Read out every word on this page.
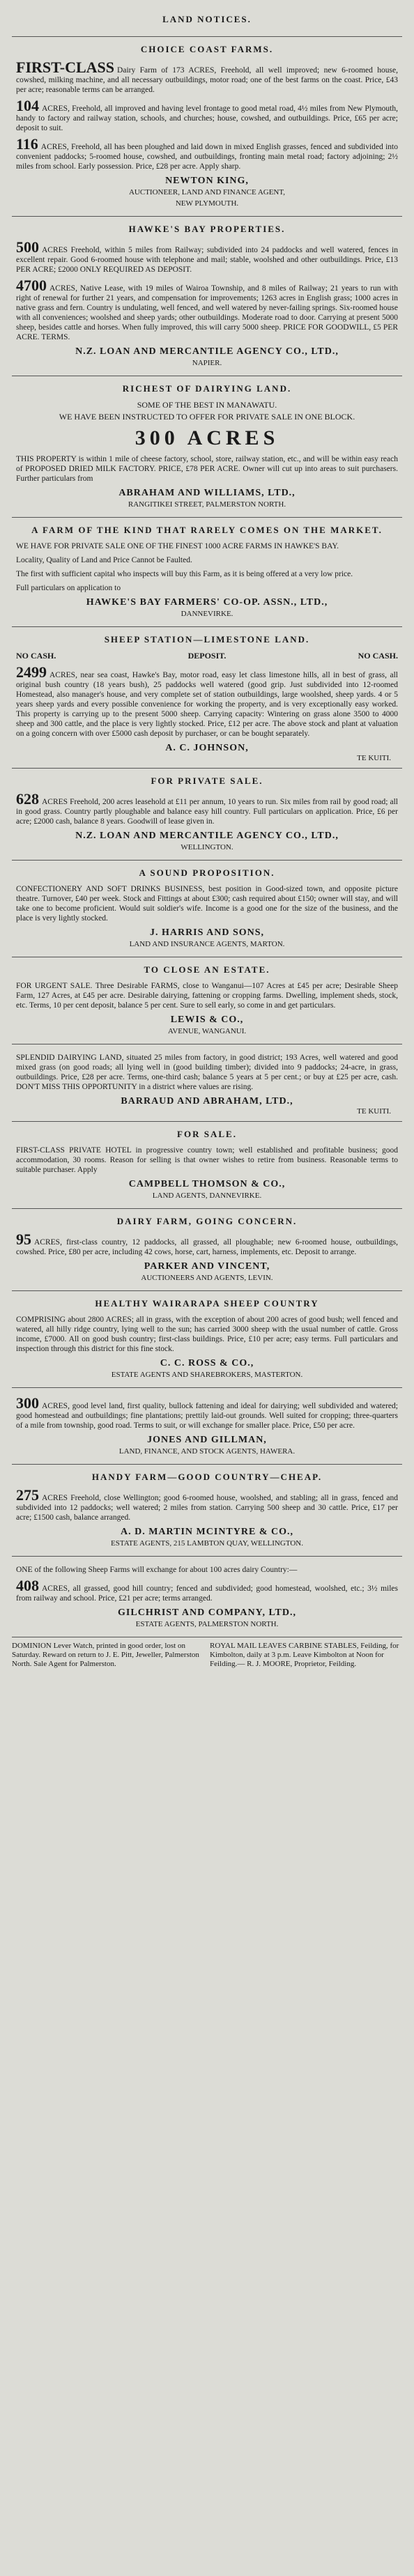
LAND NOTICES.
CHOICE COAST FARMS.
FIRST-CLASS Dairy Farm of 173 ACRES, Freehold, all well improved; new 6-roomed house, cowshed, milking machine, and all necessary outbuildings, motor road; one of the best farms on the coast. Price, £43 per acre; reasonable terms can be arranged.
104 ACRES, Freehold, all improved and having level frontage to good metal road, 4½ miles from New Plymouth, handy to factory and railway station, schools, and churches; house, cowshed, and outbuildings. Price, £65 per acre; deposit to suit.
116 ACRES, Freehold, all has been ploughed and laid down in mixed English grasses, fenced and subdivided into convenient paddocks; 5-roomed house, cowshed, and outbuildings, fronting main metal road; factory adjoining; 2½ miles from school. Early possession. Price, £28 per acre. Apply sharp.
NEWTON KING,
AUCTIONEER, LAND AND FINANCE AGENT,
NEW PLYMOUTH.
HAWKE'S BAY PROPERTIES.
500 ACRES Freehold, within 5 miles from Railway; subdivided into 24 paddocks and well watered, fences in excellent repair. Good 6-roomed house with telephone and mail; stable, woolshed and other outbuildings. Price, £13 PER ACRE; £2000 ONLY REQUIRED AS DEPOSIT.
4700 ACRES, Native Lease, with 19 miles of Wairoa Township, and 8 miles of Railway; 21 years to run with right of renewal for further 21 years, and compensation for improvements; 1263 acres in English grass; 1000 acres in native grass and fern. Country is undulating, well fenced, and well watered by never-failing springs. Six-roomed house with all conveniences; woolshed and sheep yards; other outbuildings. Moderate road to door. Carrying at present 5000 sheep, besides cattle and horses. When fully improved, this will carry 5000 sheep. PRICE FOR GOODWILL, £5 PER ACRE. TERMS.
N.Z. LOAN AND MERCANTILE AGENCY CO., LTD.,
NAPIER.
RICHEST OF DAIRYING LAND.
SOME OF THE BEST IN MANAWATU.
WE HAVE BEEN INSTRUCTED TO OFFER FOR PRIVATE SALE IN ONE BLOCK.
300 ACRES
THIS PROPERTY is within 1 mile of cheese factory, school, store, railway station, etc., and will be within easy reach of PROPOSED DRIED MILK FACTORY. PRICE, £78 PER ACRE. Owner will cut up into areas to suit purchasers. Further particulars from
ABRAHAM AND WILLIAMS, LTD.,
RANGITIKEI STREET, PALMERSTON NORTH.
A FARM OF THE KIND THAT RARELY COMES ON THE MARKET.
WE HAVE FOR PRIVATE SALE ONE OF THE FINEST 1000 ACRE FARMS IN HAWKE'S BAY.
Locality, Quality of Land and Price Cannot be Faulted.
The first with sufficient capital who inspects will buy this Farm, as it is being offered at a very low price.
Full particulars on application to
HAWKE'S BAY FARMERS' CO-OP. ASSN., LTD.,
DANNEVIRKE.
SHEEP STATION—LIMESTONE LAND.
NO CASH.	DEPOSIT.	NO CASH.
2499 ACRES, near sea coast, Hawke's Bay, motor road, easy let class limestone hills, all in best of grass, all original bush country (18 years bush), 25 paddocks well watered (good grip. Just subdivided into 12-roomed Homestead, also manager's house, and very complete set of station outbuildings, large woolshed, sheep yards. 4 or 5 years sheep yards and every possible convenience for working the property, and is very exceptionally easy worked. This property is carrying up to the present 5000 sheep. Carrying capacity: Wintering on grass alone 3500 to 4000 sheep and 300 cattle, and the place is very lightly stocked. Price, £12 per acre. The above stock and plant at valuation on a going concern with over £5000 cash deposit by purchaser, or can be bought separately.
A. C. JOHNSON,
TE KUITI.
FOR PRIVATE SALE.
628 ACRES Freehold, 200 acres leasehold at £11 per annum, 10 years to run. Six miles from rail by good road; all in good grass. Country partly ploughable and balance easy hill country. Full particulars on application. Price, £6 per acre; £2000 cash, balance 8 years. Goodwill of lease given in.
N.Z. LOAN AND MERCANTILE AGENCY CO., LTD.,
WELLINGTON.
A SOUND PROPOSITION.
CONFECTIONERY AND SOFT DRINKS BUSINESS, best position in Good-sized town, and opposite picture theatre. Turnover, £40 per week. Stock and Fittings at about £300; cash required about £150; owner will stay, and will take one to become proficient. Would suit soldier's wife. Income is a good one for the size of the business, and the place is very lightly stocked.
J. HARRIS AND SONS,
LAND AND INSURANCE AGENTS, MARTON.
TO CLOSE AN ESTATE.
FOR URGENT SALE. Three Desirable FARMS, close to Wanganui—107 Acres at £45 per acre; Desirable Sheep Farm, 127 Acres, at £45 per acre. Desirable dairying, fattening or cropping farms. Dwelling, implement sheds, stock, etc. Terms, 10 per cent deposit, balance 5 per cent. Sure to sell early, so come in and get particulars.
LEWIS & CO.,
AVENUE, WANGANUI.
SPLENDID DAIRYING LAND, situated 25 miles from factory, in good district; 193 Acres, well watered and good mixed grass (on good roads; all lying well in (good building timber); divided into 9 paddocks; 24-acre, in grass, outbuildings. Price, £28 per acre. Terms, one-third cash; balance 5 years at 5 per cent.; or buy at £25 per acre, cash. DON'T MISS THIS OPPORTUNITY in a district where values are rising.
BARRAUD AND ABRAHAM, LTD.,
TE KUITI.
FOR SALE.
FIRST-CLASS PRIVATE HOTEL in progressive country town; well established and profitable business; good accommodation, 30 rooms. Reason for selling is that owner wishes to retire from business. Reasonable terms to suitable purchaser. Apply
CAMPBELL THOMSON & CO.,
LAND AGENTS, DANNEVIRKE.
DAIRY FARM, GOING CONCERN.
95 ACRES, first-class country, 12 paddocks, all grassed, all ploughable; new 6-roomed house, outbuildings, cowshed. Price, £80 per acre, including 42 cows, horse, cart, harness, implements, etc. Deposit to arrange.
PARKER AND VINCENT,
AUCTIONEERS AND AGENTS, LEVIN.
HEALTHY WAIRARAPA SHEEP COUNTRY
COMPRISING about 2800 ACRES; all in grass, with the exception of about 200 acres of good bush; well fenced and watered, all hilly ridge country, lying well to the sun; has carried 3000 sheep with the usual number of cattle. Gross income, £7000. All on good bush country; first-class buildings. Price, £10 per acre; easy terms. Full particulars and inspection through this district for this fine stock.
C. C. ROSS & CO.,
ESTATE AGENTS AND SHAREBROKERS, MASTERTON.
300 ACRES, good level land, first quality, bullock fattening and ideal for dairying; well subdivided and watered; good homestead and outbuildings; fine plantations; prettily laid-out grounds. Well suited for cropping; three-quarters of a mile from township, good road. Terms to suit, or will exchange for smaller place. Price, £50 per acre.
JONES AND GILLMAN,
LAND, FINANCE, AND STOCK AGENTS, HAWERA.
HANDY FARM—GOOD COUNTRY—CHEAP.
275 ACRES Freehold, close Wellington; good 6-roomed house, woolshed, and stabling; all in grass, fenced and subdivided into 12 paddocks; well watered; 2 miles from station. Carrying 500 sheep and 30 cattle. Price, £17 per acre; £1500 cash, balance arranged.
A. D. MARTIN MCINTYRE & CO.,
ESTATE AGENTS, 215 LAMBTON QUAY, WELLINGTON.
ONE of the following Sheep Farms will exchange for about 100 acres dairy Country:—
408 ACRES, all grassed, good hill country; fenced and subdivided; good homestead, woolshed, etc.; 3½ miles from railway and school. Price, £21 per acre; terms arranged.
GILCHRIST AND COMPANY, LTD.,
ESTATE AGENTS, PALMERSTON NORTH.
DOMINION Lever Watch, printed in good order, lost on Saturday. Reward on return to J. E. Pitt, Jeweller, Palmerston North. Sale Agent for Palmerston.
ROYAL MAIL LEAVES CARBINE STABLES, Feilding, for Kimbolton, daily at 3 p.m. Leave Kimbolton at Noon for Feilding.— R. J. MOORE, Proprietor, Feilding.
